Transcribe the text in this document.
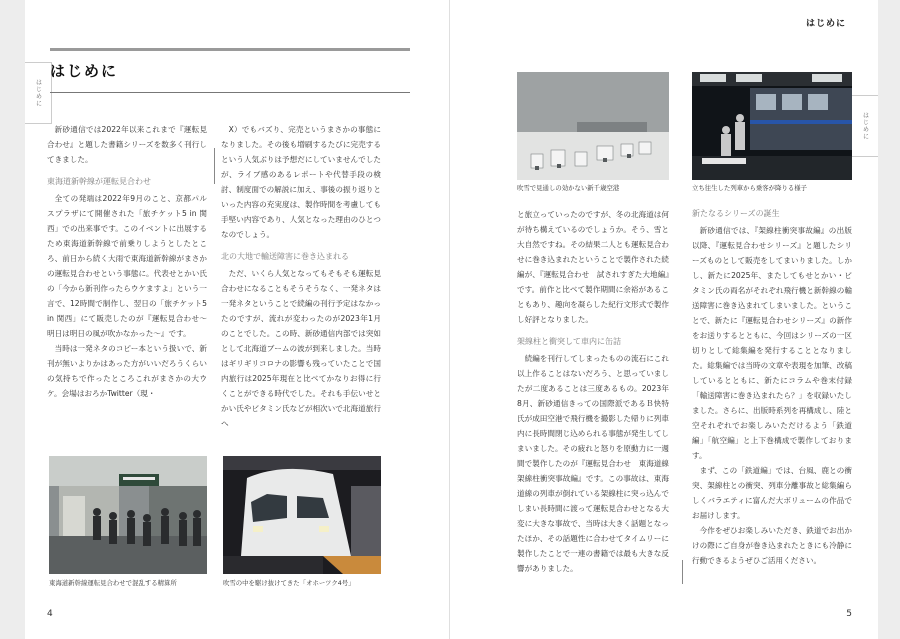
はじめに
はじめに

新砂通信では2022年以来これまで『運転見合わせ』と題した書籍シリーズを数多く刊行してきました。

東海道新幹線が運転見合わせ

全ての発端は2022年9月のこと、京都パルスプラザにて開催された「旅チケット5 in 関西」での出来事です。このイベントに出展するため東海道新幹線で前乗りしようとしたところ、前日から続く大雨で東海道新幹線がまさかの運転見合わせという事態に。代表せとかい氏の「今から新刊作ったらウケますよ」という一言で、12時間で制作し、翌日の「旅チケット5 in 関西」にて販売したのが『運転見合わせ～明日は明日の風が吹かなかった～』です。

当時は一発ネタのコピー本という扱いで、新刊が無いよりかはあった方がいいだろうくらいの気持ちで作ったところこれがまさかの大ウケ。会場はおろかTwitter（現・

X）でもバズり、完売というまさかの事態になりました。その後も増刷するたびに完売するという人気ぶりは予想だにしていませんでしたが、ライブ感のあるレポートや代替手段の検討、制度面での解説に加え、事後の振り返りといった内容の充実度は、製作時間を考慮しても手堅い内容であり、人気となった理由のひとつなのでしょう。

北の大地で輸送障害に巻き込まれる

ただ、いくら人気となってもそもそも運転見合わせになることもそうそうなく、一発ネタは一発ネタということで続編の刊行予定はなかったのですが、流れが変わったのが2023年1月のことでした。この時、新砂通信内部では突如として北海道ブームの波が到来しました。当時はギリギリコロナの影響も残っていたことで国内旅行は2025年現在と比べてかなりお得に行くことができる時代でした。それも手伝いせとかい氏やビタミン氏などが相次いで北海道旅行へ

東海道新幹線運転見合わせで混乱する精算所	吹雪の中を駆け抜けてきた「オホーツク4号」
4
はじめに
はじめに
吹雪で見通しの効かない新千歳空港	立ち往生した列車から乗客が降りる様子

と旅立っていったのですが、冬の北海道は何が待ち構えているのでしょうか。そう、雪と大自然ですね。その結果二人とも運転見合わせに巻き込まれたということで製作された続編が、『運転見合わせ　試されすぎた大地編』です。前作と比べて製作期間に余裕があることもあり、趣向を凝らした紀行文形式で製作し好評となりました。

架線柱と衝突して車内に缶詰

続編を刊行してしまったものの流石にこれ以上作ることはないだろう、と思っていましたが二度あることは三度あるもの。2023年8月、新砂通信きっての国際派であるＢ快特氏が成田空港で飛行機を撮影した帰りに列車内に長時間閉じ込められる事態が発生してしまいました。その疲れと怒りを原動力に一週間で製作したのが『運転見合わせ　東海道線架線柱衝突事故編』です。この事故は、東海道線の列車が倒れている架線柱に突っ込んでしまい長時間に渡って運転見合わせとなる大変に大きな事故で、当時は大きく話題となったほか、その話題性に合わせてタイムリーに製作したことで一連の書籍では最も大きな反響がありました。

新たなるシリーズの誕生

新砂通信では、『架線柱衝突事故編』の出版以降、『運転見合わせシリーズ』と題したシリーズものとして販売をしてまいりました。しかし、新たに2025年、またしてもせとかい・ビタミン氏の両名がそれぞれ飛行機と新幹線の輸送障害に巻き込まれてしまいました。ということで、新たに『運転見合わせシリーズ』の新作をお送りするとともに、今回はシリーズの一区切りとして総集編を発行することとなりました。総集編では当時の文章や表現を加筆、改稿しているとともに、新たにコラムや巻末付録「輸送障害に巻き込まれたら？」を収録いたしました。さらに、出版時系列を再構成し、陸と空それぞれでお楽しみいただけるよう「鉄道編」「航空編」と上下巻構成で製作しております。

まず、この「鉄道編」では、台風、鹿との衝突、架線柱との衝突、列車分離事故と総集編らしくバラエティに富んだ大ボリュームの作品でお届けします。

今作をぜひお楽しみいただき、鉄道でお出かけの際にご自身が巻き込まれたときにも冷静に行動できるようぜひご活用ください。

5
